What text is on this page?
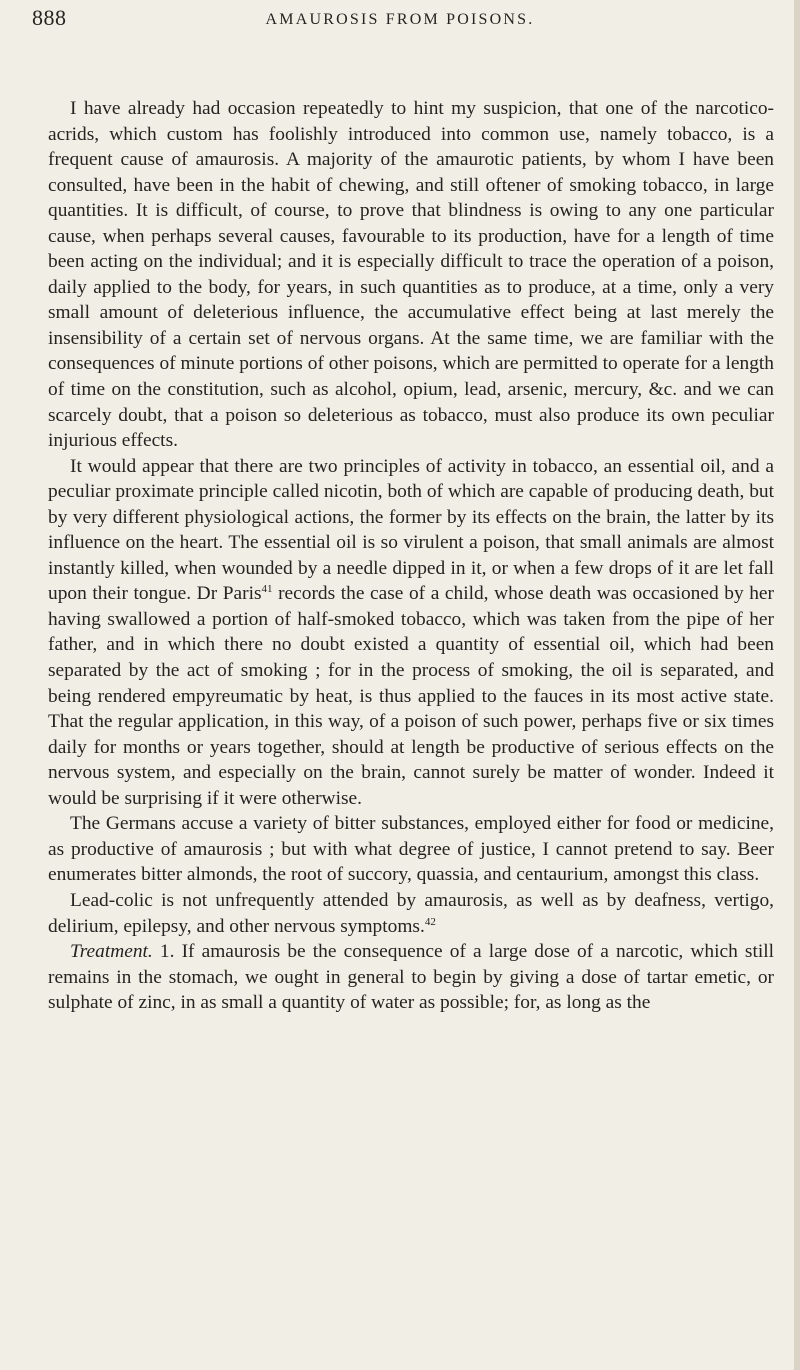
888	AMAUROSIS FROM POISONS.

I have already had occasion repeatedly to hint my suspicion, that one of the narcotico-acrids, which custom has foolishly introduced into common use, namely tobacco, is a frequent cause of amaurosis. A majority of the amaurotic patients, by whom I have been consulted, have been in the habit of chewing, and still oftener of smoking tobacco, in large quantities. It is difficult, of course, to prove that blindness is owing to any one particular cause, when perhaps several causes, favourable to its production, have for a length of time been acting on the individual; and it is especially difficult to trace the operation of a poison, daily applied to the body, for years, in such quantities as to produce, at a time, only a very small amount of deleterious influence, the accumulative effect being at last merely the insensibility of a certain set of nervous organs. At the same time, we are familiar with the consequences of minute portions of other poisons, which are permitted to operate for a length of time on the constitution, such as alcohol, opium, lead, arsenic, mercury, &c. and we can scarcely doubt, that a poison so deleterious as tobacco, must also produce its own peculiar injurious effects.

It would appear that there are two principles of activity in tobacco, an essential oil, and a peculiar proximate principle called nicotin, both of which are capable of producing death, but by very different physiological actions, the former by its effects on the brain, the latter by its influence on the heart. The essential oil is so virulent a poison, that small animals are almost instantly killed, when wounded by a needle dipped in it, or when a few drops of it are let fall upon their tongue. Dr Paris$^{41}$ records the case of a child, whose death was occasioned by her having swallowed a portion of half-smoked tobacco, which was taken from the pipe of her father, and in which there no doubt existed a quantity of essential oil, which had been separated by the act of smoking ; for in the process of smoking, the oil is separated, and being rendered empyreumatic by heat, is thus applied to the fauces in its most active state. That the regular application, in this way, of a poison of such power, perhaps five or six times daily for months or years together, should at length be productive of serious effects on the nervous system, and especially on the brain, cannot surely be matter of wonder. Indeed it would be surprising if it were otherwise.

The Germans accuse a variety of bitter substances, employed either for food or medicine, as productive of amaurosis ; but with what degree of justice, I cannot pretend to say. Beer enumerates bitter almonds, the root of succory, quassia, and centaurium, amongst this class.

Lead-colic is not unfrequently attended by amaurosis, as well as by deafness, vertigo, delirium, epilepsy, and other nervous symptoms.$^{42}$

Treatment. 1. If amaurosis be the consequence of a large dose of a narcotic, which still remains in the stomach, we ought in general to begin by giving a dose of tartar emetic, or sulphate of zinc, in as small a quantity of water as possible; for, as long as the
